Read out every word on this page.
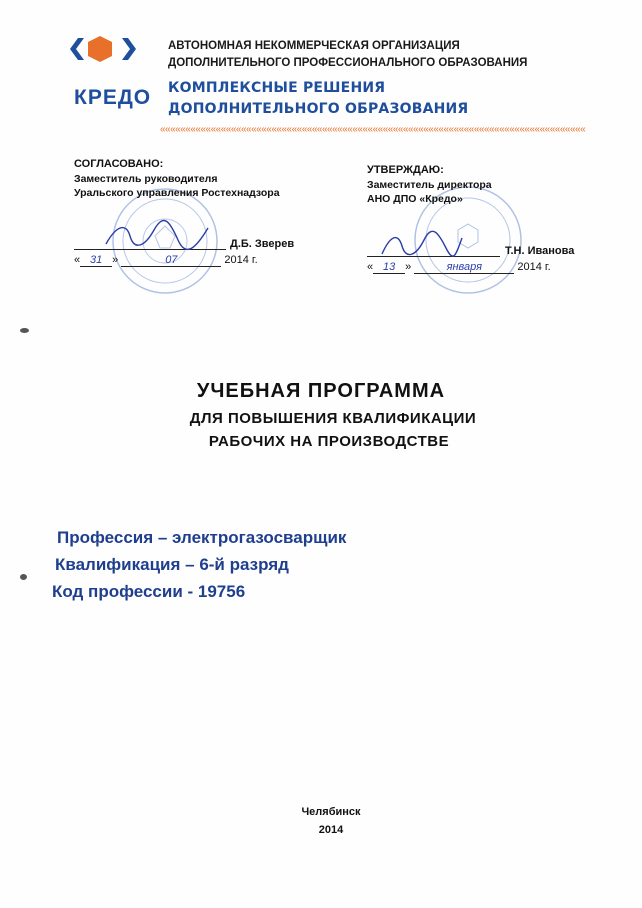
КРЕДО
АВТОНОМНАЯ НЕКОММЕРЧЕСКАЯ ОРГАНИЗАЦИЯ
ДОПОЛНИТЕЛЬНОГО ПРОФЕССИОНАЛЬНОГО ОБРАЗОВАНИЯ
КОМПЛЕКСНЫЕ РЕШЕНИЯ
ДОПОЛНИТЕЛЬНОГО ОБРАЗОВАНИЯ
««««««««««««««««««««««««««««««««««««««««««««««««««««««««««««««««««««««««««««««««««««
СОГЛАСОВАНО:
Заместитель руководителя
Уральского управления Ростехнадзора
Д.Б. Зверев
« 31 »	07	2014 г.
УТВЕРЖДАЮ:
Заместитель директора
АНО ДПО «Кредо»
Т.Н. Иванова
« 13 »	января	2014 г.
УЧЕБНАЯ ПРОГРАММА
ДЛЯ ПОВЫШЕНИЯ КВАЛИФИКАЦИИ
РАБОЧИХ НА ПРОИЗВОДСТВЕ
Профессия – электрогазосварщик
Квалификация – 6-й разряд
Код профессии - 19756
Челябинск
2014
